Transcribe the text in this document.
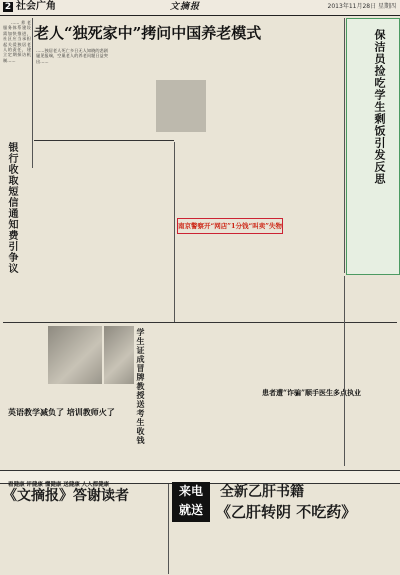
2 社会广角	文摘报	2013年11月28日 星期四

……养老服务体系建设需加快推进，社区应当承担起关爱独居老人的责任，建立定期探访机制……

老人“独死家中”拷问中国养老模式
……独居老人死亡多日无人知晓的悲剧屡见报端，空巢老人的养老问题日益突出……	保洁员捡吃学生剩饭引发反思
银行收取短信通知费引争议	南京警察开“网店”1分钱“叫卖”失物
学生证成冒牌教授送考生收钱	患者遭“诈骗”顺手医生多点执业
英语教学减负了 培训教师火了
看健康 评健康 懂健康 送健康 人人都健康
《文摘报》答谢读者	来电
就送
全新乙肝书籍
《乙肝转阴 不吃药》
